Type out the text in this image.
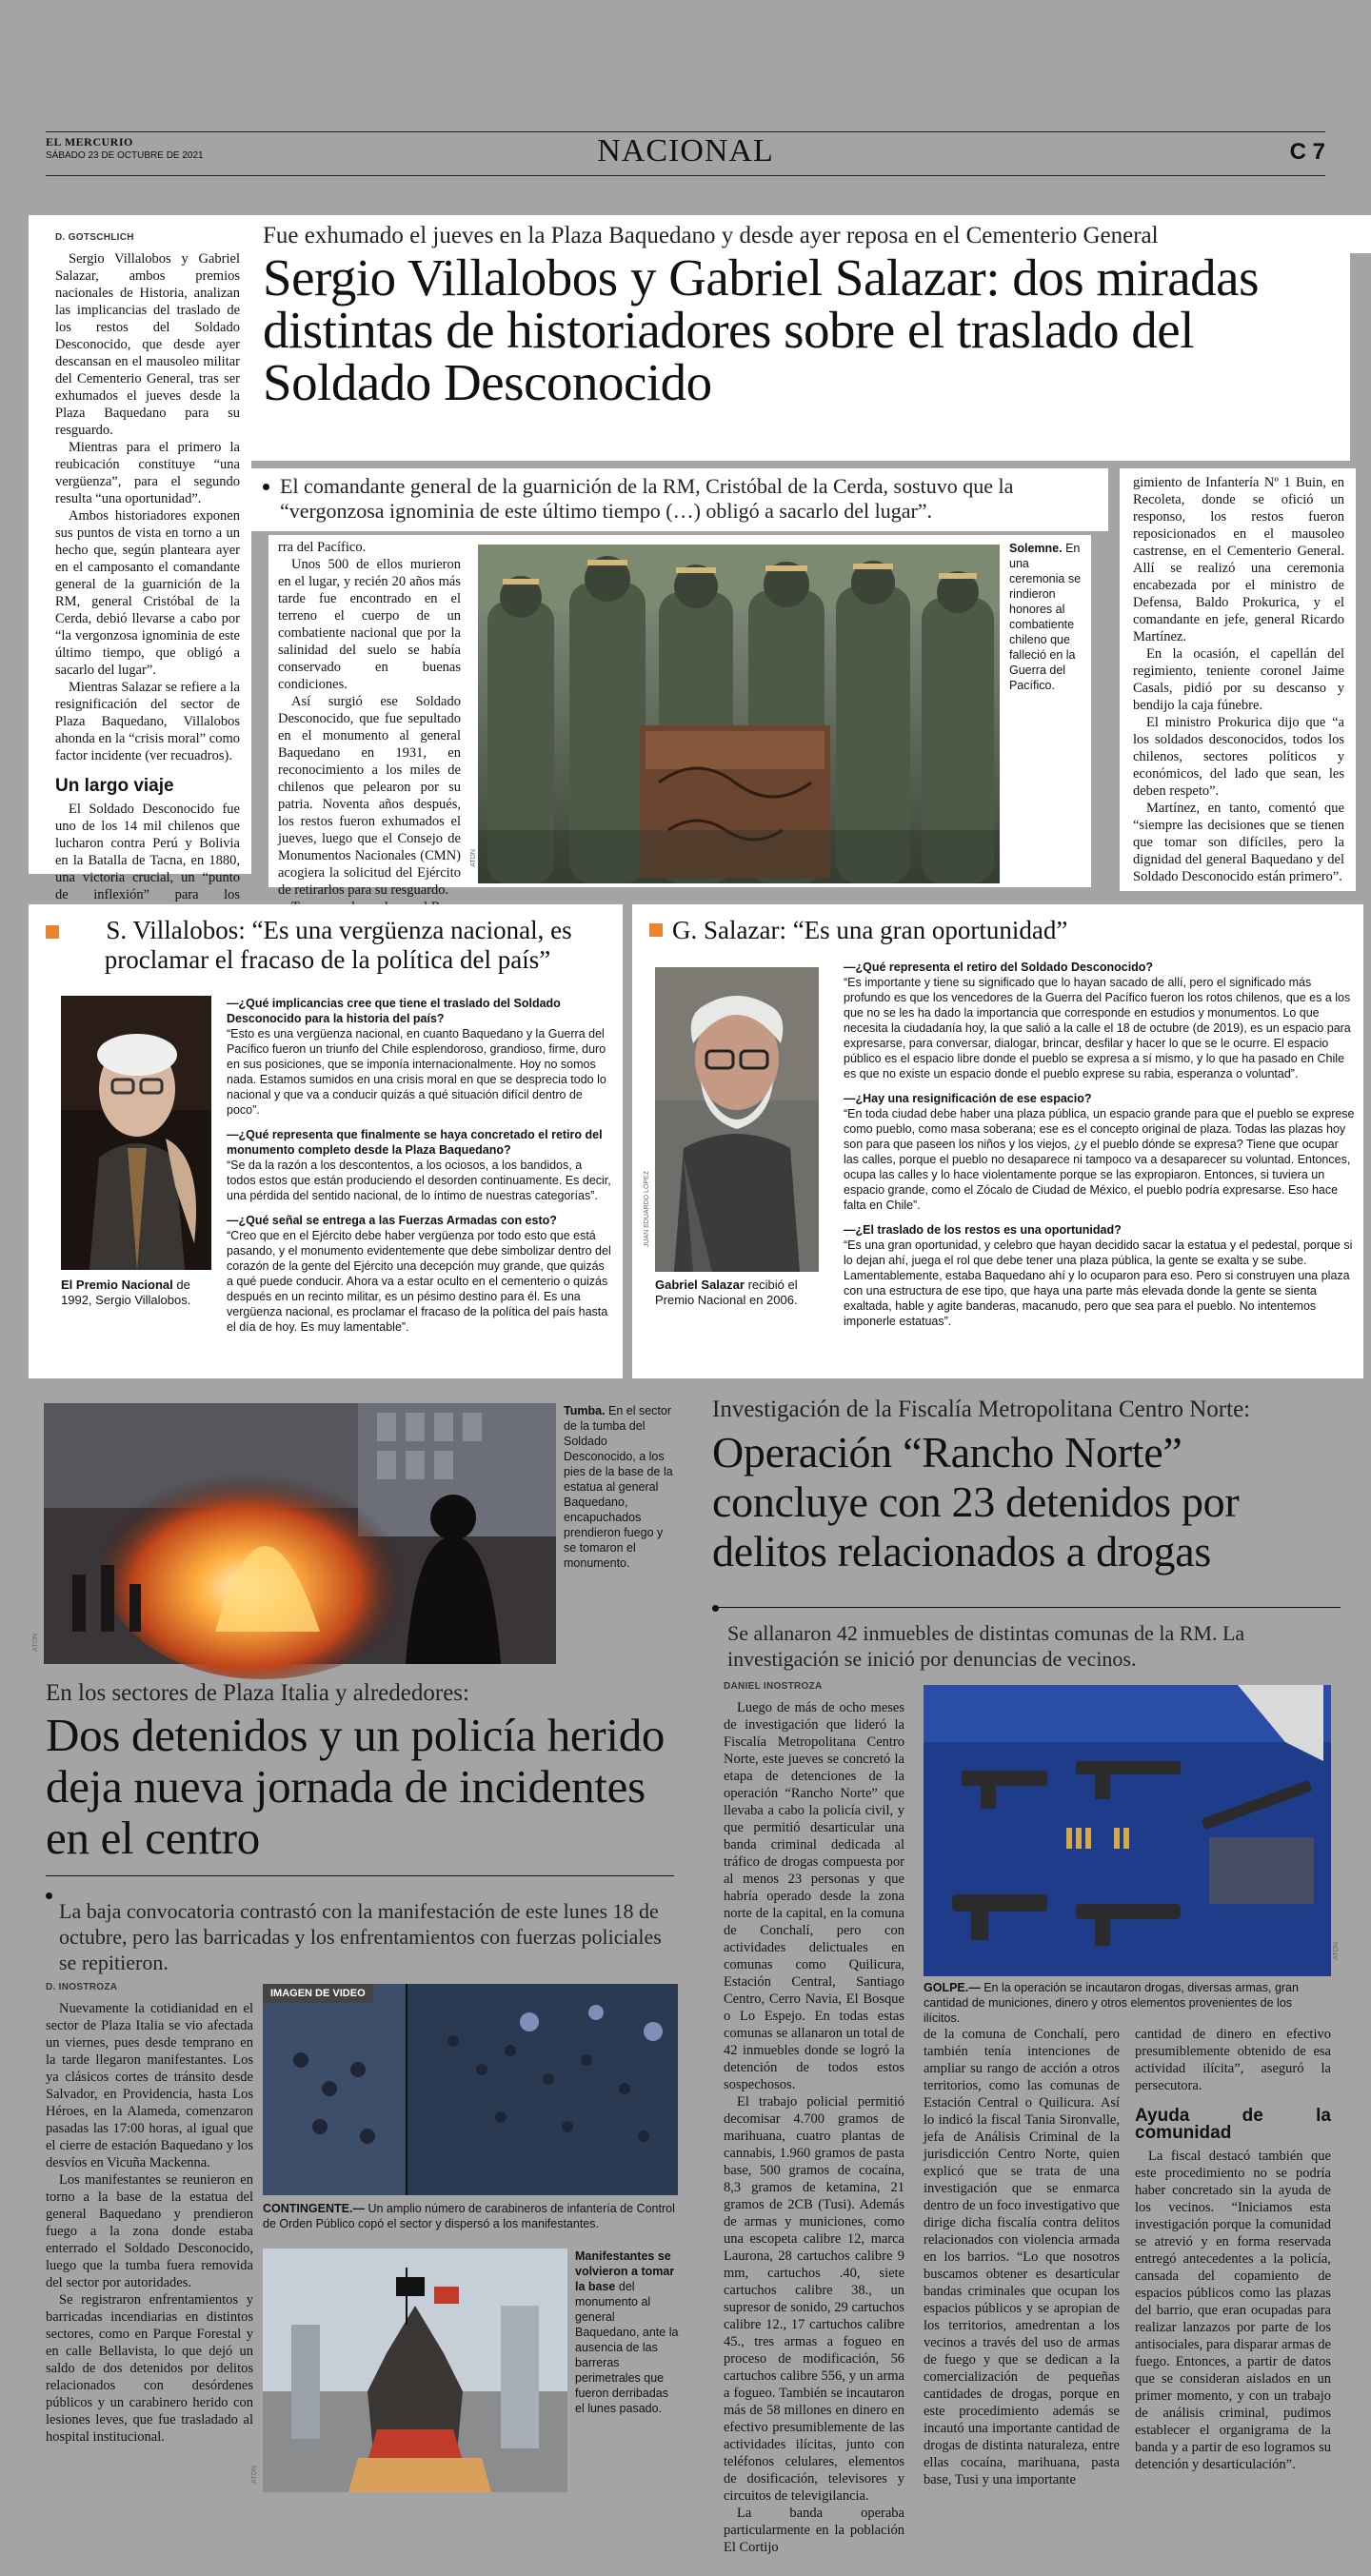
EL MERCURIO
SÁBADO 23 DE OCTUBRE DE 2021	NACIONAL	C 7
D. GOTSCHLICH

Sergio Villalobos y Gabriel Salazar, ambos premios nacionales de Historia, analizan las implicancias del traslado de los restos del Soldado Desconocido, que desde ayer descansan en el mausoleo militar del Cementerio General, tras ser exhumados el jueves desde la Plaza Baquedano para su resguardo.

Mientras para el primero la reubicación constituye “una vergüenza”, para el segundo resulta “una oportunidad”.

Ambos historiadores exponen sus puntos de vista en torno a un hecho que, según planteara ayer en el camposanto el comandante general de la guarnición de la RM, general Cristóbal de la Cerda, debió llevarse a cabo por “la vergonzosa ignominia de este último tiempo, que obligó a sacarlo del lugar”.

Mientras Salazar se refiere a la resignificación del sector de Plaza Baquedano, Villalobos ahonda en la “crisis moral” como factor incidente (ver recuadros).

Un largo viaje

El Soldado Desconocido fue uno de los 14 mil chilenos que lucharon contra Perú y Bolivia en la Batalla de Tacna, en 1880, una victoria crucial, un “punto de inflexión” para los

Fue exhumado el jueves en la Plaza Baquedano y desde ayer reposa en el Cementerio General
Sergio Villalobos y Gabriel Salazar: dos miradas distintas de historiadores sobre el traslado del Soldado Desconocido
El comandante general de la guarnición de la RM, Cristóbal de la Cerda, sostuvo que la “vergonzosa ignominia de este último tiempo (…) obligó a sacarlo del lugar”.

rra del Pacífico.

Unos 500 de ellos murieron en el lugar, y recién 20 años más tarde fue encontrado en el terreno el cuerpo de un combatiente nacional que por la salinidad del suelo se había conservado en buenas condiciones.

Así surgió ese Soldado Desconocido, que fue sepultado en el monumento al general Baquedano en 1931, en reconocimiento a los miles de chilenos que pelearon por su patria. Noventa años después, los restos fueron exhumados el jueves, luego que el Consejo de Monumentos Nacionales (CMN) acogiera la solicitud del Ejército de retirarlos para su resguardo.

ATON
Solemne. En una ceremonia se rindieron honores al combatiente chileno que falleció en la Guerra del Pacífico.

gimiento de Infantería Nº 1 Buin, en Recoleta, donde se ofició un responso, los restos fueron reposicionados en el mausoleo castrense, en el Cementerio General. Allí se realizó una ceremonia encabezada por el ministro de Defensa, Baldo Prokurica, y el comandante en jefe, general Ricardo Martínez.

En la ocasión, el capellán del regimiento, teniente coronel Jaime Casals, pidió por su descanso y bendijo la caja fúnebre.

El ministro Prokurica dijo que “a los soldados desconocidos, todos los chilenos, sectores políticos y económicos, del lado que sean, les deben respeto”.

Martínez, en tanto, comentó que “siempre las decisiones que se tienen que tomar son difíciles, pero la dignidad del general Baquedano y del Soldado Desconocido están primero”.

S. Villalobos: “Es una vergüenza nacional, es proclamar el fracaso de la política del país”
El Premio Nacional de 1992, Sergio Villalobos.
—¿Qué implicancias cree que tiene el traslado del Soldado Desconocido para la historia del país?
“Esto es una vergüenza nacional, en cuanto Baquedano y la Guerra del Pacífico fueron un triunfo del Chile esplendoroso, grandioso, firme, duro en sus posiciones, que se imponía internacionalmente. Hoy no somos nada. Estamos sumidos en una crisis moral en que se desprecia todo lo nacional y que va a conducir quizás a qué situación difícil dentro de poco”.
—¿Qué representa que finalmente se haya concretado el retiro del monumento completo desde la Plaza Baquedano?
“Se da la razón a los descontentos, a los ociosos, a los bandidos, a todos estos que están produciendo el desorden continuamente. Es decir, una pérdida del sentido nacional, de lo íntimo de nuestras categorías”.
—¿Qué señal se entrega a las Fuerzas Armadas con esto?
“Creo que en el Ejército debe haber vergüenza por todo esto que está pasando, y el monumento evidentemente que debe simbolizar dentro del corazón de la gente del Ejército una decepción muy grande, que quizás a qué puede conducir. Ahora va a estar oculto en el cementerio o quizás después en un recinto militar, es un pésimo destino para él. Es una vergüenza nacional, es proclamar el fracaso de la política del país hasta el día de hoy. Es muy lamentable”.
G. Salazar: “Es una gran oportunidad”
JUAN EDUARDO LÓPEZ
Gabriel Salazar recibió el Premio Nacional en 2006.
—¿Qué representa el retiro del Soldado Desconocido?
“Es importante y tiene su significado que lo hayan sacado de allí, pero el significado más profundo es que los vencedores de la Guerra del Pacífico fueron los rotos chilenos, que es a los que no se les ha dado la importancia que corresponde en estudios y monumentos. Lo que necesita la ciudadanía hoy, la que salió a la calle el 18 de octubre (de 2019), es un espacio para expresarse, para conversar, dialogar, brincar, desfilar y hacer lo que se le ocurre. El espacio público es el espacio libre donde el pueblo se expresa a sí mismo, y lo que ha pasado en Chile es que no existe un espacio donde el pueblo exprese su rabia, esperanza o voluntad”.
—¿Hay una resignificación de ese espacio?
“En toda ciudad debe haber una plaza pública, un espacio grande para que el pueblo se exprese como pueblo, como masa soberana; ese es el concepto original de plaza. Todas las plazas hoy son para que paseen los niños y los viejos, ¿y el pueblo dónde se expresa? Tiene que ocupar las calles, porque el pueblo no desaparece ni tampoco va a desaparecer su voluntad. Entonces, ocupa las calles y lo hace violentamente porque se las expropiaron. Entonces, si tuviera un espacio grande, como el Zócalo de Ciudad de México, el pueblo podría expresarse. Eso hace falta en Chile”.
—¿El traslado de los restos es una oportunidad?
“Es una gran oportunidad, y celebro que hayan decidido sacar la estatua y el pedestal, porque si lo dejan ahí, juega el rol que debe tener una plaza pública, la gente se exalta y se sube. Lamentablemente, estaba Baquedano ahí y lo ocuparon para eso. Pero si construyen una plaza con una estructura de ese tipo, que haya una parte más elevada donde la gente se sienta exaltada, hable y agite banderas, macanudo, pero que sea para el pueblo. No intentemos imponerle estatuas”.
ATON
Tumba. En el sector de la tumba del Soldado Desconocido, a los pies de la base de la estatua al general Baquedano, encapuchados prendieron fuego y se tomaron el monumento.
En los sectores de Plaza Italia y alrededores:
Dos detenidos y un policía herido deja nueva jornada de incidentes en el centro
La baja convocatoria contrastó con la manifestación de este lunes 18 de octubre, pero las barricadas y los enfrentamientos con fuerzas policiales se repitieron.
D. INOSTROZA

Nuevamente la cotidianidad en el sector de Plaza Italia se vio afectada un viernes, pues desde temprano en la tarde llegaron manifestantes. Los ya clásicos cortes de tránsito desde Salvador, en Providencia, hasta Los Héroes, en la Alameda, comenzaron pasadas las 17:00 horas, al igual que el cierre de estación Baquedano y los desvíos en Vicuña Mackenna.

Los manifestantes se reunieron en torno a la base de la estatua del general Baquedano y prendieron fuego a la zona donde estaba enterrado el Soldado Desconocido, luego que la tumba fuera removida del sector por autoridades.

Se registraron enfrentamientos y barricadas incendiarias en distintos sectores, como en Parque Forestal y en calle Bellavista, lo que dejó un saldo de dos detenidos por delitos relacionados con desórdenes públicos y un carabinero herido con lesiones leves, que fue trasladado al hospital institucional.

IMAGEN DE VIDEO
CONTINGENTE.— Un amplio número de carabineros de infantería de Control de Orden Público copó el sector y dispersó a los manifestantes.
ATON
Manifestantes se volvieron a tomar la base del monumento al general Baquedano, ante la ausencia de las barreras perimetrales que fueron derribadas el lunes pasado.
Investigación de la Fiscalía Metropolitana Centro Norte:
Operación “Rancho Norte” concluye con 23 detenidos por delitos relacionados a drogas
Se allanaron 42 inmuebles de distintas comunas de la RM. La investigación se inició por denuncias de vecinos.
DANIEL INOSTROZA

Luego de más de ocho meses de investigación que lideró la Fiscalía Metropolitana Centro Norte, este jueves se concretó la etapa de detenciones de la operación “Rancho Norte” que llevaba a cabo la policía civil, y que permitió desarticular una banda criminal dedicada al tráfico de drogas compuesta por al menos 23 personas y que habría operado desde la zona norte de la capital, en la comuna de Conchalí, pero con actividades delictuales en comunas como Quilicura, Estación Central, Santiago Centro, Cerro Navia, El Bosque o Lo Espejo. En todas estas comunas se allanaron un total de 42 inmuebles donde se logró la detención de todos estos sospechosos.

El trabajo policial permitió decomisar 4.700 gramos de marihuana, cuatro plantas de cannabis, 1.960 gramos de pasta base, 500 gramos de cocaína, 8,3 gramos de ketamina, 21 gramos de 2CB (Tusi). Además de armas y municiones, como una escopeta calibre 12, marca Laurona, 28 cartuchos calibre 9 mm, cartuchos .40, siete cartuchos calibre 38., un supresor de sonido, 29 cartuchos calibre 12., 17 cartuchos calibre 45., tres armas a fogueo en proceso de modificación, 56 cartuchos calibre 556, y un arma a fogueo. También se incautaron más de 58 millones en dinero en efectivo presumiblemente de las actividades ilícitas, junto con teléfonos celulares, elementos de dosificación, televisores y circuitos de televigilancia.

La banda operaba particularmente en la población El Cortijo

ATON
GOLPE.— En la operación se incautaron drogas, diversas armas, gran cantidad de municiones, dinero y otros elementos provenientes de los ilícitos.

de la comuna de Conchalí, pero también tenía intenciones de ampliar su rango de acción a otros territorios, como las comunas de Estación Central o Quilicura. Así lo indicó la fiscal Tania Sironvalle, jefa de Análisis Criminal de la jurisdicción Centro Norte, quien explicó que se trata de una investigación que se enmarca dentro de un foco investigativo que dirige dicha fiscalía contra delitos relacionados con violencia armada en los barrios. “Lo que nosotros buscamos obtener es desarticular bandas criminales que ocupan los espacios públicos y se apropian de los territorios, amedrentan a los vecinos a través del uso de armas de fuego y que se dedican a la comercialización de pequeñas cantidades de drogas, porque en este procedimiento además se incautó una importante cantidad de drogas de distinta naturaleza, entre ellas cocaína, marihuana, pasta base, Tusi y una importante

cantidad de dinero en efectivo presumiblemente obtenido de esa actividad ilícita”, aseguró la persecutora.

Ayuda de la comunidad

La fiscal destacó también que este procedimiento no se podría haber concretado sin la ayuda de los vecinos. “Iniciamos esta investigación porque la comunidad se atrevió y en forma reservada entregó antecedentes a la policía, cansada del copamiento de espacios públicos como las plazas del barrio, que eran ocupadas para realizar lanzazos por parte de los antisociales, para disparar armas de fuego. Entonces, a partir de datos que se consideran aislados en un primer momento, y con un trabajo de análisis criminal, pudimos establecer el organigrama de la banda y a partir de eso logramos su detención y desarticulación”.
